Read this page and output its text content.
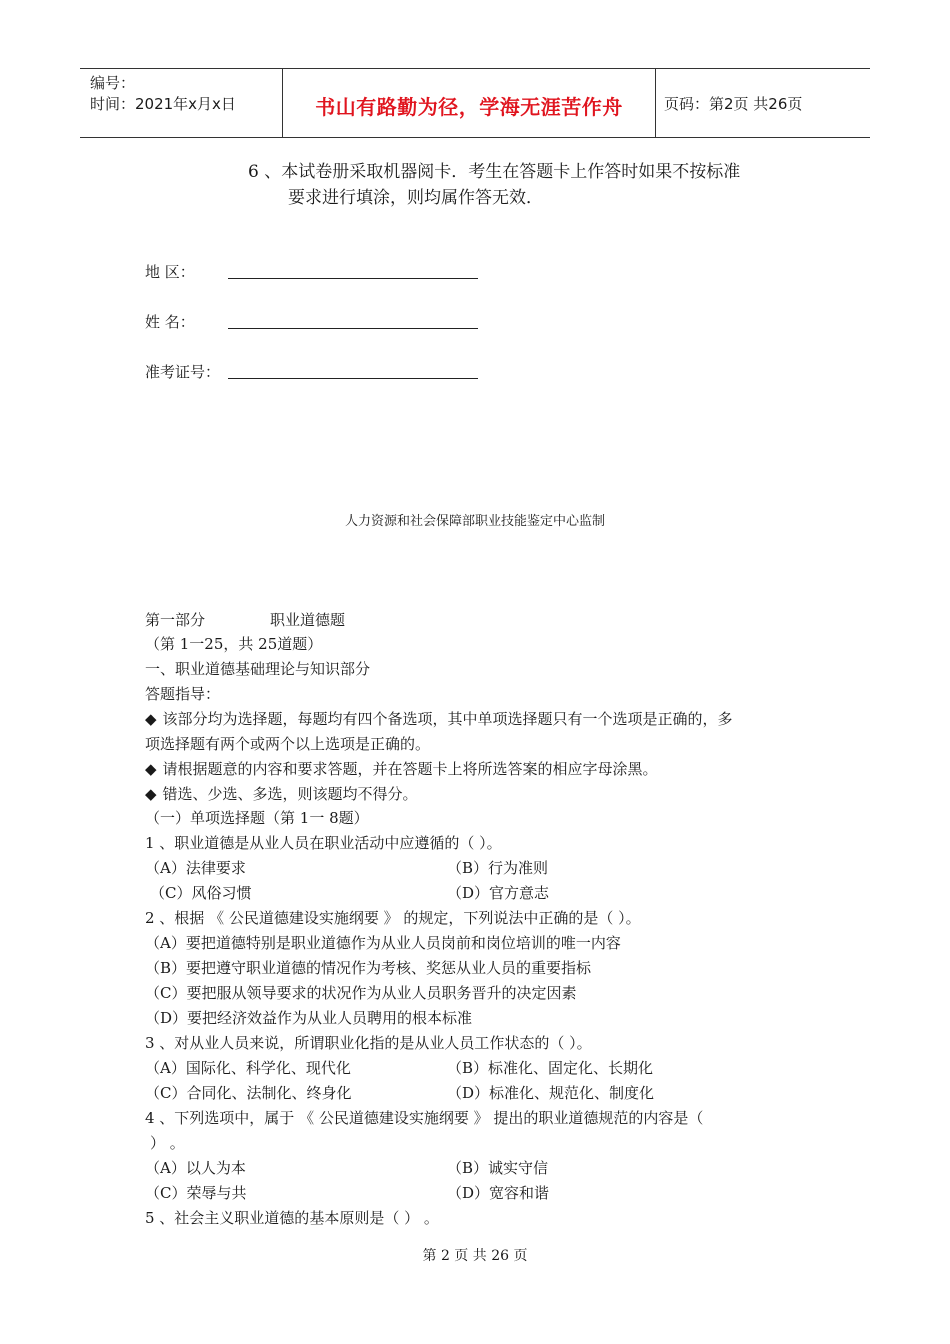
编号：
时间：2021年x月x日	书山有路勤为径，学海无涯苦作舟	页码：第2页 共26页
6 、本试卷册采取机器阅卡．考生在答题卡上作答时如果不按标准
要求进行填涂，则均属作答无效．
地 区：
姓 名：
准考证号：
人力资源和社会保障部职业技能鉴定中心监制
第一部分	职业道德题
（第 1一25，共 25道题）
一、职业道德基础理论与知识部分
答题指导：
◆ 该部分均为选择题，每题均有四个备选项，其中单项选择题只有一个选项是正确的，多
项选择题有两个或两个以上选项是正确的。
◆ 请根据题意的内容和要求答题，并在答题卡上将所选答案的相应字母涂黑。
◆ 错选、少选、多选，则该题均不得分。
（一）单项选择题（第 1一 8题）
1 、职业道德是从业人员在职业活动中应遵循的（ ）。
（A）法律要求	（B）行为准则
（C）风俗习惯	（D）官方意志
2 、根据 《 公民道德建设实施纲要 》 的规定，下列说法中正确的是（ ）。
（A）要把道德特别是职业道德作为从业人员岗前和岗位培训的唯一内容
（B）要把遵守职业道德的情况作为考核、奖惩从业人员的重要指标
（C）要把服从领导要求的状况作为从业人员职务晋升的决定因素
（D）要把经济效益作为从业人员聘用的根本标准
3 、对从业人员来说，所谓职业化指的是从业人员工作状态的（ ）。
（A）国际化、科学化、现代化	（B）标准化、固定化、长期化
（C）合同化、法制化、终身化	（D）标准化、规范化、制度化
4 、下列选项中，属于 《 公民道德建设实施纲要 》 提出的职业道德规范的内容是（
） 。
（A）以人为本	（B）诚实守信
（C）荣辱与共	（D）宽容和谐
5 、社会主义职业道德的基本原则是（ ） 。
第 2 页 共 26 页
